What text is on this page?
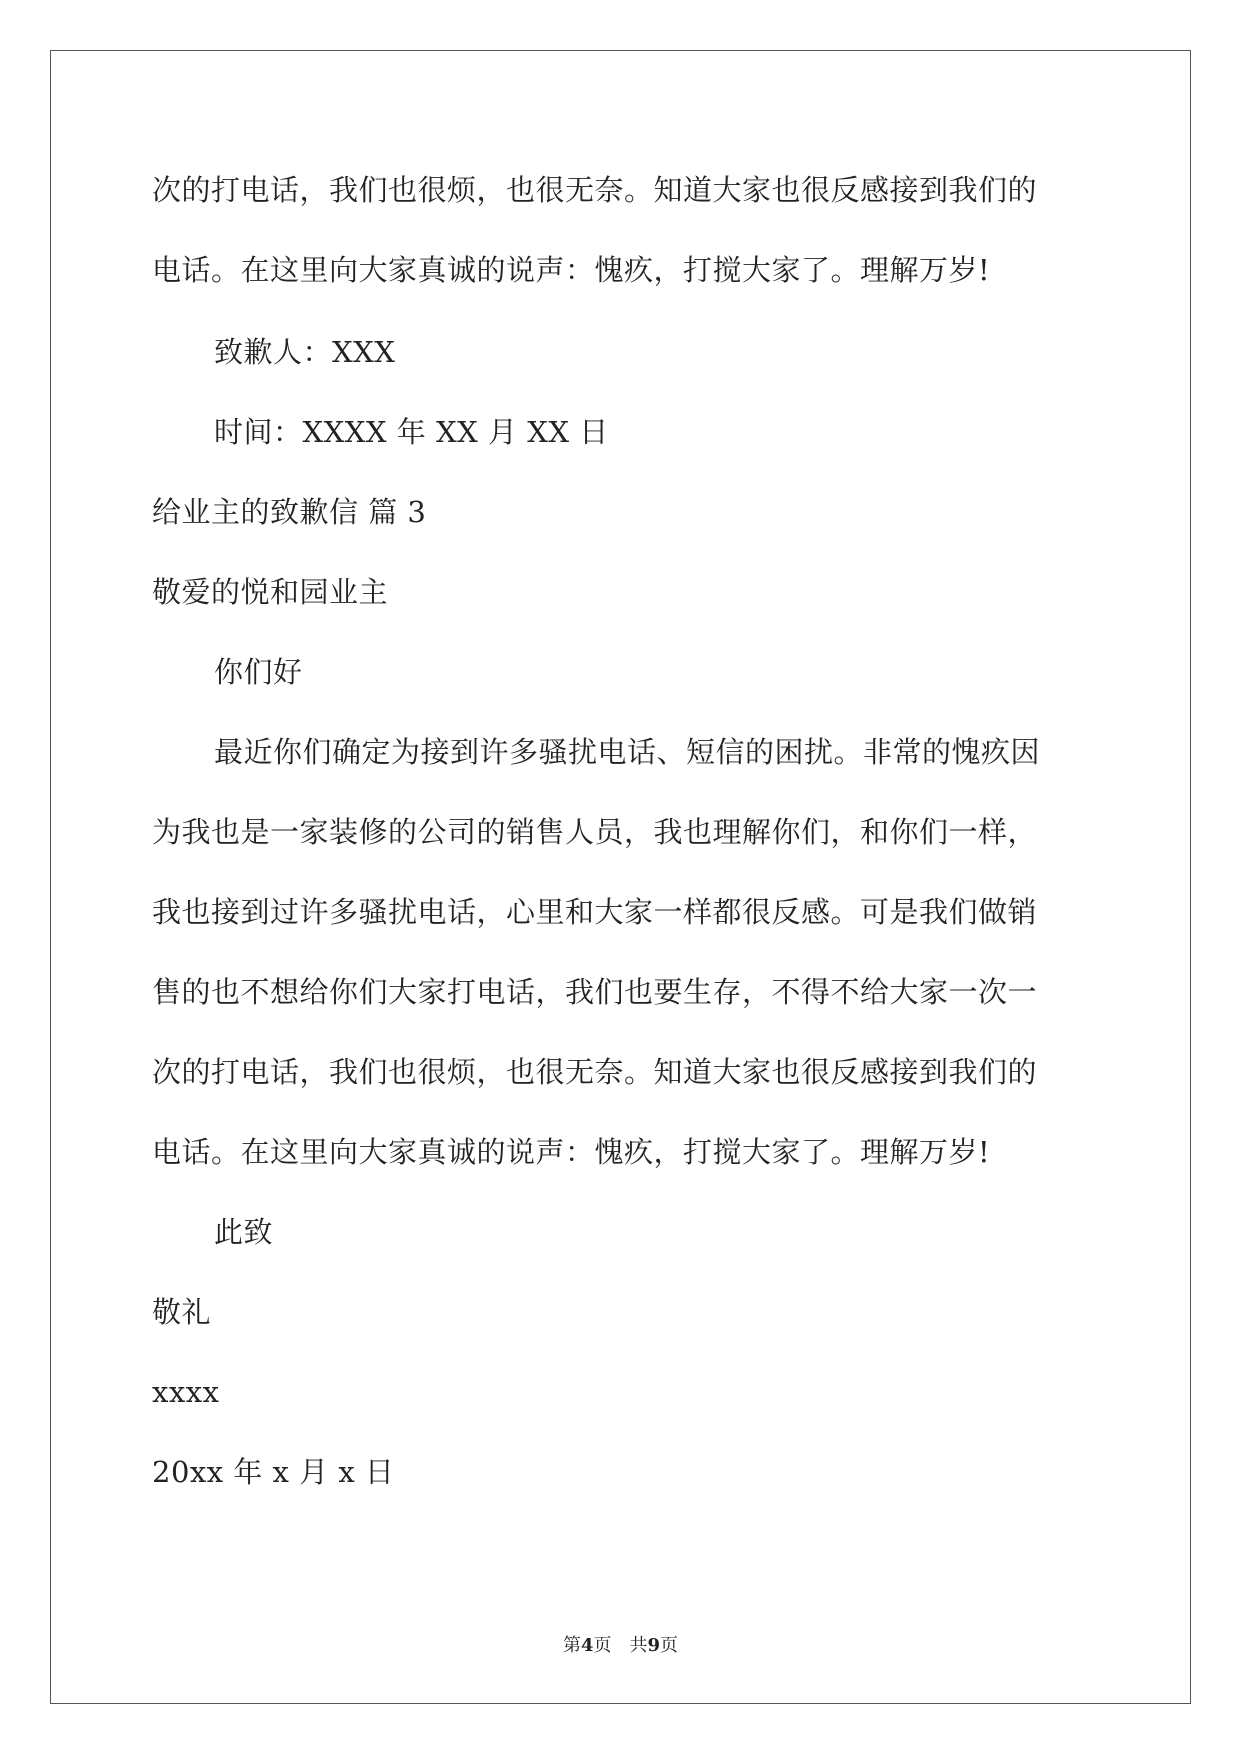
次的打电话，我们也很烦，也很无奈。知道大家也很反感接到我们的
电话。在这里向大家真诚的说声：愧疚，打搅大家了。理解万岁!
致歉人：XXX
时间：XXXX 年 XX 月 XX 日
给业主的致歉信 篇 3
敬爱的悦和园业主
你们好
最近你们确定为接到许多骚扰电话、短信的困扰。非常的愧疚因
为我也是一家装修的公司的销售人员，我也理解你们，和你们一样，
我也接到过许多骚扰电话，心里和大家一样都很反感。可是我们做销
售的也不想给你们大家打电话，我们也要生存，不得不给大家一次一
次的打电话，我们也很烦，也很无奈。知道大家也很反感接到我们的
电话。在这里向大家真诚的说声：愧疚，打搅大家了。理解万岁!
此致
敬礼
xxxx
20xx 年 x 月 x 日
第4页 共9页
